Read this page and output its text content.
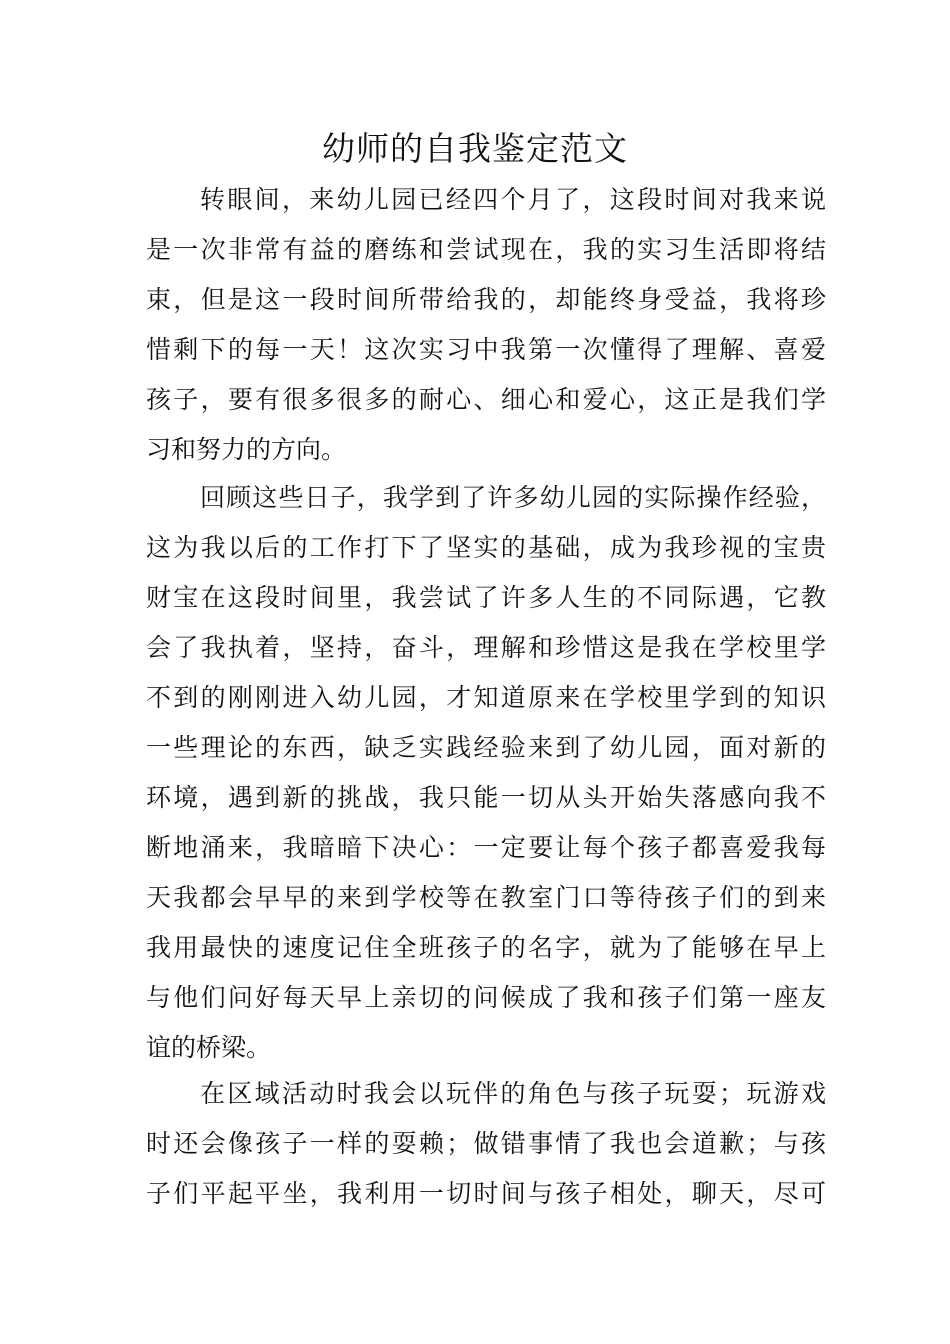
幼师的自我鉴定范文
转眼间，来幼儿园已经四个月了，这段时间对我来说
是一次非常有益的磨练和尝试现在，我的实习生活即将结
束，但是这一段时间所带给我的，却能终身受益，我将珍
惜剩下的每一天！这次实习中我第一次懂得了理解、喜爱
孩子，要有很多很多的耐心、细心和爱心，这正是我们学
习和努力的方向。
回顾这些日子，我学到了许多幼儿园的实际操作经验，
这为我以后的工作打下了坚实的基础，成为我珍视的宝贵
财宝在这段时间里，我尝试了许多人生的不同际遇，它教
会了我执着，坚持，奋斗，理解和珍惜这是我在学校里学
不到的刚刚进入幼儿园，才知道原来在学校里学到的知识
一些理论的东西，缺乏实践经验来到了幼儿园，面对新的
环境，遇到新的挑战，我只能一切从头开始失落感向我不
断地涌来，我暗暗下决心：一定要让每个孩子都喜爱我每
天我都会早早的来到学校等在教室门口等待孩子们的到来
我用最快的速度记住全班孩子的名字，就为了能够在早上
与他们问好每天早上亲切的问候成了我和孩子们第一座友
谊的桥梁。
在区域活动时我会以玩伴的角色与孩子玩耍；玩游戏
时还会像孩子一样的耍赖；做错事情了我也会道歉；与孩
子们平起平坐，我利用一切时间与孩子相处，聊天，尽可
